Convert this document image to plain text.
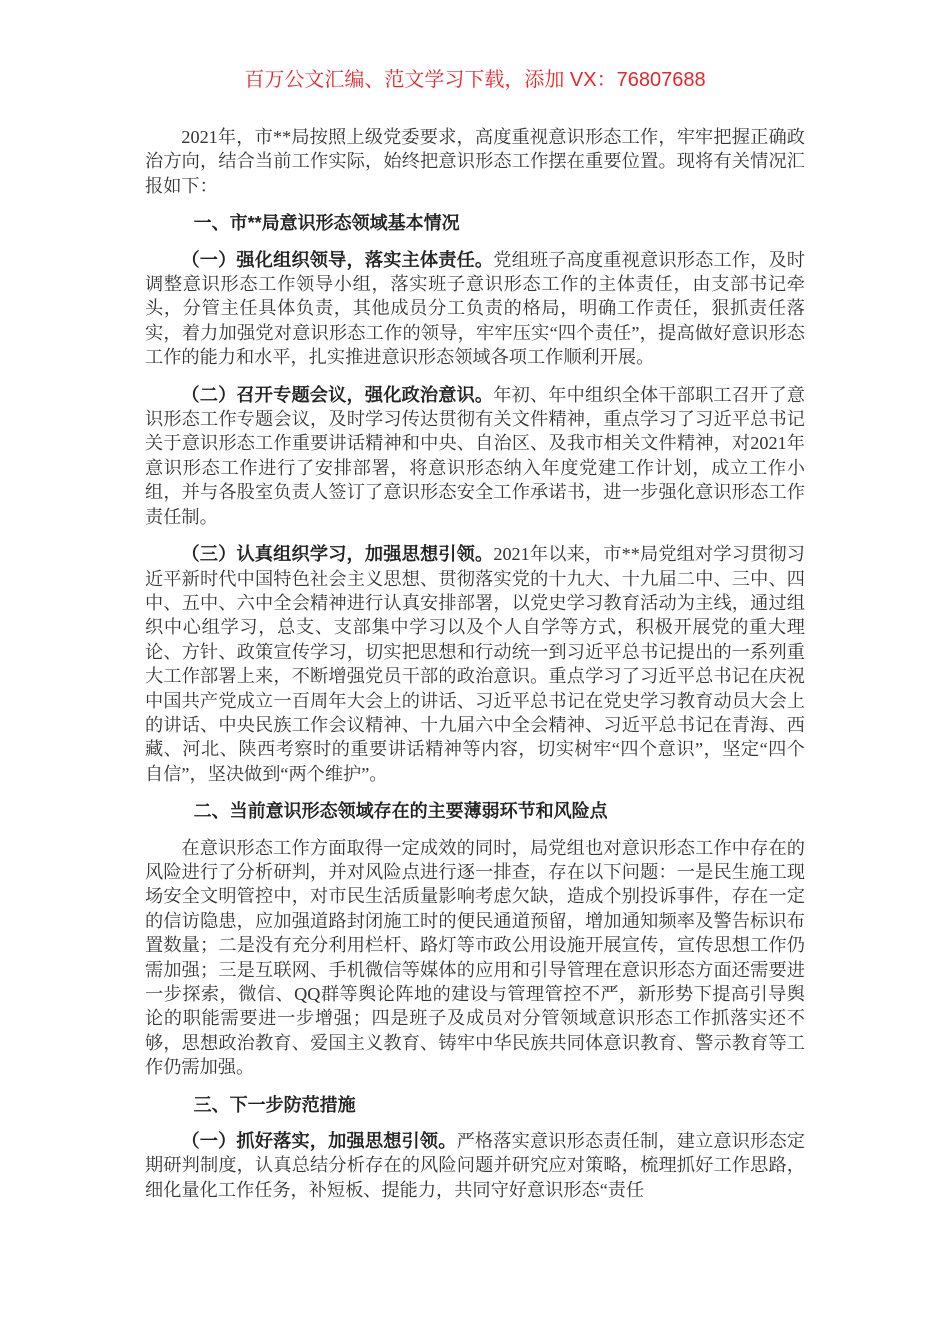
百万公文汇编、范文学习下载，添加 VX：76807688

2021年，市**局按照上级党委要求，高度重视意识形态工作，牢牢把握正确政治方向，结合当前工作实际，始终把意识形态工作摆在重要位置。现将有关情况汇报如下：

一、市**局意识形态领域基本情况

（一）强化组织领导，落实主体责任。党组班子高度重视意识形态工作，及时调整意识形态工作领导小组，落实班子意识形态工作的主体责任，由支部书记牵头，分管主任具体负责，其他成员分工负责的格局，明确工作责任，狠抓责任落实，着力加强党对意识形态工作的领导，牢牢压实“四个责任”，提高做好意识形态工作的能力和水平，扎实推进意识形态领域各项工作顺利开展。

（二）召开专题会议，强化政治意识。年初、年中组织全体干部职工召开了意识形态工作专题会议，及时学习传达贯彻有关文件精神，重点学习了习近平总书记关于意识形态工作重要讲话精神和中央、自治区、及我市相关文件精神，对2021年意识形态工作进行了安排部署，将意识形态纳入年度党建工作计划，成立工作小组，并与各股室负责人签订了意识形态安全工作承诺书，进一步强化意识形态工作责任制。

（三）认真组织学习，加强思想引领。2021年以来，市**局党组对学习贯彻习近平新时代中国特色社会主义思想、贯彻落实党的十九大、十九届二中、三中、四中、五中、六中全会精神进行认真安排部署，以党史学习教育活动为主线，通过组织中心组学习，总支、支部集中学习以及个人自学等方式，积极开展党的重大理论、方针、政策宣传学习，切实把思想和行动统一到习近平总书记提出的一系列重大工作部署上来，不断增强党员干部的政治意识。重点学习了习近平总书记在庆祝中国共产党成立一百周年大会上的讲话、习近平总书记在党史学习教育动员大会上的讲话、中央民族工作会议精神、十九届六中全会精神、习近平总书记在青海、西藏、河北、陕西考察时的重要讲话精神等内容，切实树牢“四个意识”，坚定“四个自信”，坚决做到“两个维护”。

二、当前意识形态领域存在的主要薄弱环节和风险点

在意识形态工作方面取得一定成效的同时，局党组也对意识形态工作中存在的风险进行了分析研判，并对风险点进行逐一排查，存在以下问题：一是民生施工现场安全文明管控中，对市民生活质量影响考虑欠缺，造成个别投诉事件，存在一定的信访隐患，应加强道路封闭施工时的便民通道预留，增加通知频率及警告标识布置数量；二是没有充分利用栏杆、路灯等市政公用设施开展宣传，宣传思想工作仍需加强；三是互联网、手机微信等媒体的应用和引导管理在意识形态方面还需要进一步探索，微信、QQ群等舆论阵地的建设与管理管控不严，新形势下提高引导舆论的职能需要进一步增强；四是班子及成员对分管领域意识形态工作抓落实还不够，思想政治教育、爱国主义教育、铸牢中华民族共同体意识教育、警示教育等工作仍需加强。

三、下一步防范措施

（一）抓好落实，加强思想引领。严格落实意识形态责任制，建立意识形态定期研判制度，认真总结分析存在的风险问题并研究应对策略，梳理抓好工作思路，细化量化工作任务，补短板、提能力，共同守好意识形态“责任
